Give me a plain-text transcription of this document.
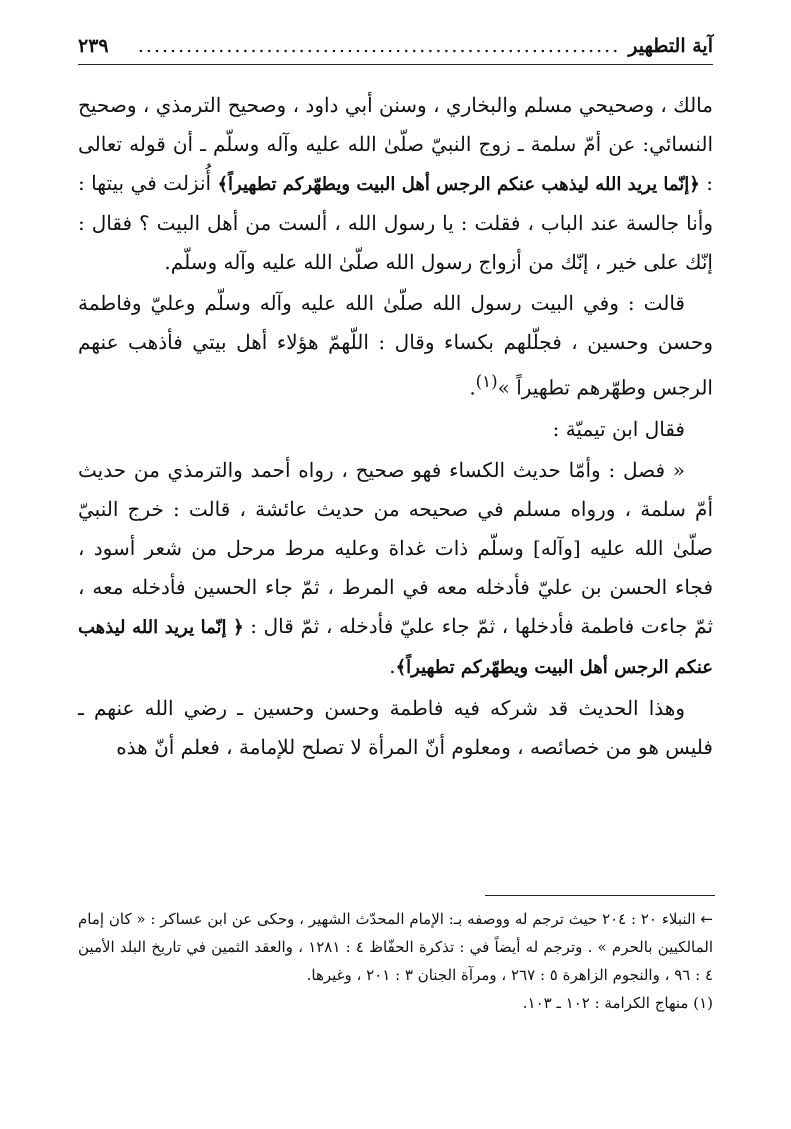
آية التطهير
............................................................
٢٣٩

مالك ، وصحيحي مسلم والبخاري ، وسنن أبي داود ، وصحيح الترمذي ، وصحيح النسائي: عن أمّ سلمة ـ زوج النبيّ صلّىٰ الله عليه وآله وسلّم ـ أن قوله تعالى : ﴿إنّما يريد الله ليذهب عنكم الرجس أهل البيت ويطهّركم تطهيراً﴾ أُنزلت في بيتها : وأنا جالسة عند الباب ، فقلت : يا رسول الله ، ألست من أهل البيت ؟ فقال : إنّك على خير ، إنّك من أزواج رسول الله صلّىٰ الله عليه وآله وسلّم.

قالت : وفي البيت رسول الله صلّىٰ الله عليه وآله وسلّم وعليّ وفاطمة وحسن وحسين ، فجلّلهم بكساء وقال : اللّهمّ هؤلاء أهل بيتي فأذهب عنهم الرجس وطهّرهم تطهيراً »$^{(١)}$.

فقال ابن تيميّة :

« فصل : وأمّا حديث الكساء فهو صحيح ، رواه أحمد والترمذي من حديث أمّ سلمة ، ورواه مسلم في صحيحه من حديث عائشة ، قالت : خرج النبيّ صلّىٰ الله عليه [وآله] وسلّم ذات غداة وعليه مرط مرحل من شعر أسود ، فجاء الحسن بن عليّ فأدخله معه في المرط ، ثمّ جاء الحسين فأدخله معه ، ثمّ جاءت فاطمة فأدخلها ، ثمّ جاء عليّ فأدخله ، ثمّ قال : ﴿ إنّما يريد الله ليذهب عنكم الرجس أهل البيت ويطهّركم تطهيراً﴾.

وهذا الحديث قد شركه فيه فاطمة وحسن وحسين ـ رضي الله عنهم ـ فليس هو من خصائصه ، ومعلوم أنّ المرأة لا تصلح للإمامة ، فعلم أنّ هذه

← النبلاء ٢٠ : ٢٠٤ حيث ترجم له ووصفه بـ: الإمام المحدّث الشهير ، وحكى عن ابن عساكر : « كان إمام المالكيين بالحرم » . وترجم له أيضاً في : تذكرة الحفّاظ ٤ : ١٢٨١ ، والعقد الثمين في تاريخ البلد الأمين ٤ : ٩٦ ، والنجوم الزاهرة ٥ : ٢٦٧ ، ومرآة الجنان ٣ : ٢٠١ ، وغيرها.

(١) منهاج الكرامة : ١٠٢ ـ ١٠٣.
